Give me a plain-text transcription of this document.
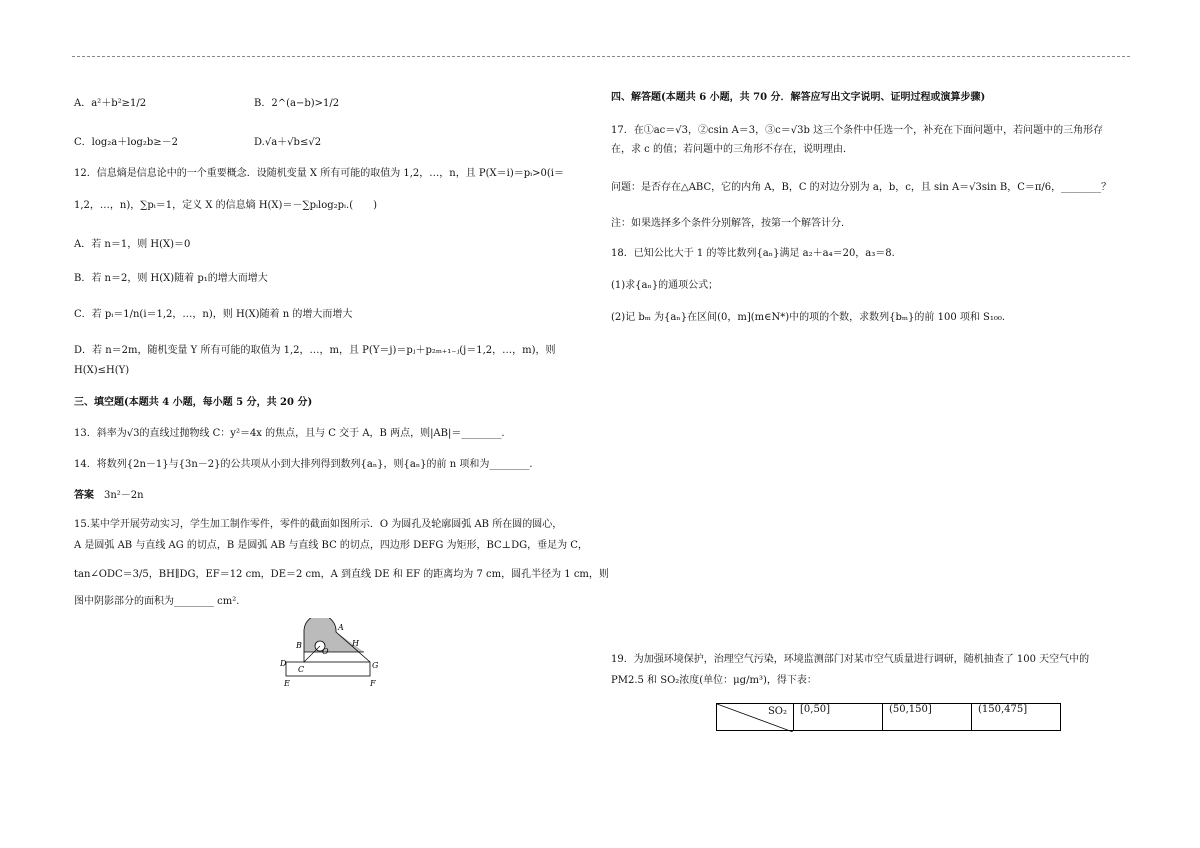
A．a²＋b²≥1/2	B．2^(a−b)>1/2

C．log₂a＋log₂b≥－2	D.√a＋√b≤√2

12．信息熵是信息论中的一个重要概念．设随机变量 X 所有可能的取值为 1,2，…，n，且 P(X＝i)＝pᵢ>0(i＝

1,2，…，n)，∑pᵢ＝1，定义 X 的信息熵 H(X)＝－∑pᵢlog₂pᵢ.(　　)

A．若 n＝1，则 H(X)＝0

B．若 n＝2，则 H(X)随着 p₁的增大而增大

C．若 pᵢ＝1/n(i＝1,2，…，n)，则 H(X)随着 n 的增大而增大

D．若 n＝2m，随机变量 Y 所有可能的取值为 1,2，…，m，且 P(Y＝j)＝pⱼ＋p₂ₘ₊₁₋ⱼ(j＝1,2，…，m)，则

H(X)≤H(Y)

三、填空题(本题共 4 小题，每小题 5 分，共 20 分)

13．斜率为√3的直线过抛物线 C：y²＝4x 的焦点，且与 C 交于 A，B 两点，则|AB|＝________.

14．将数列{2n－1}与{3n－2}的公共项从小到大排列得到数列{aₙ}，则{aₙ}的前 n 项和为________.

答案　 3n²－2n

15.某中学开展劳动实习，学生加工制作零件，零件的截面如图所示．O 为圆孔及轮廓圆弧 AB 所在圆的圆心，

A 是圆弧 AB 与直线 AG 的切点，B 是圆弧 AB 与直线 BC 的切点，四边形 DEFG 为矩形，BC⊥DG，垂足为 C，

tan∠ODC＝3/5，BH∥DG，EF＝12 cm，DE＝2 cm，A 到直线 DE 和 EF 的距离均为 7 cm，圆孔半径为 1 cm，则

图中阴影部分的面积为________ cm².

A
B	H
O
D
C	G
E	F

四、解答题(本题共 6 小题，共 70 分．解答应写出文字说明、证明过程或演算步骤)

17．在①ac＝√3，②csin A＝3，③c＝√3b 这三个条件中任选一个，补充在下面问题中，若问题中的三角形存

在，求 c 的值；若问题中的三角形不存在，说明理由．

问题：是否存在△ABC，它的内角 A，B，C 的对边分别为 a，b，c，且 sin A＝√3sin B，C＝π/6，________？

注：如果选择多个条件分别解答，按第一个解答计分．

18．已知公比大于 1 的等比数列{aₙ}满足 a₂＋a₄＝20，a₃＝8.

(1)求{aₙ}的通项公式；

(2)记 bₘ 为{aₙ}在区间(0，m](m∈N*)中的项的个数，求数列{bₘ}的前 100 项和 S₁₀₀.

19．为加强环境保护，治理空气污染，环境监测部门对某市空气质量进行调研，随机抽查了 100 天空气中的

PM2.5 和 SO₂浓度(单位：μg/m³)，得下表：

SO₂	[0,50]	(50,150]	(150,475]
